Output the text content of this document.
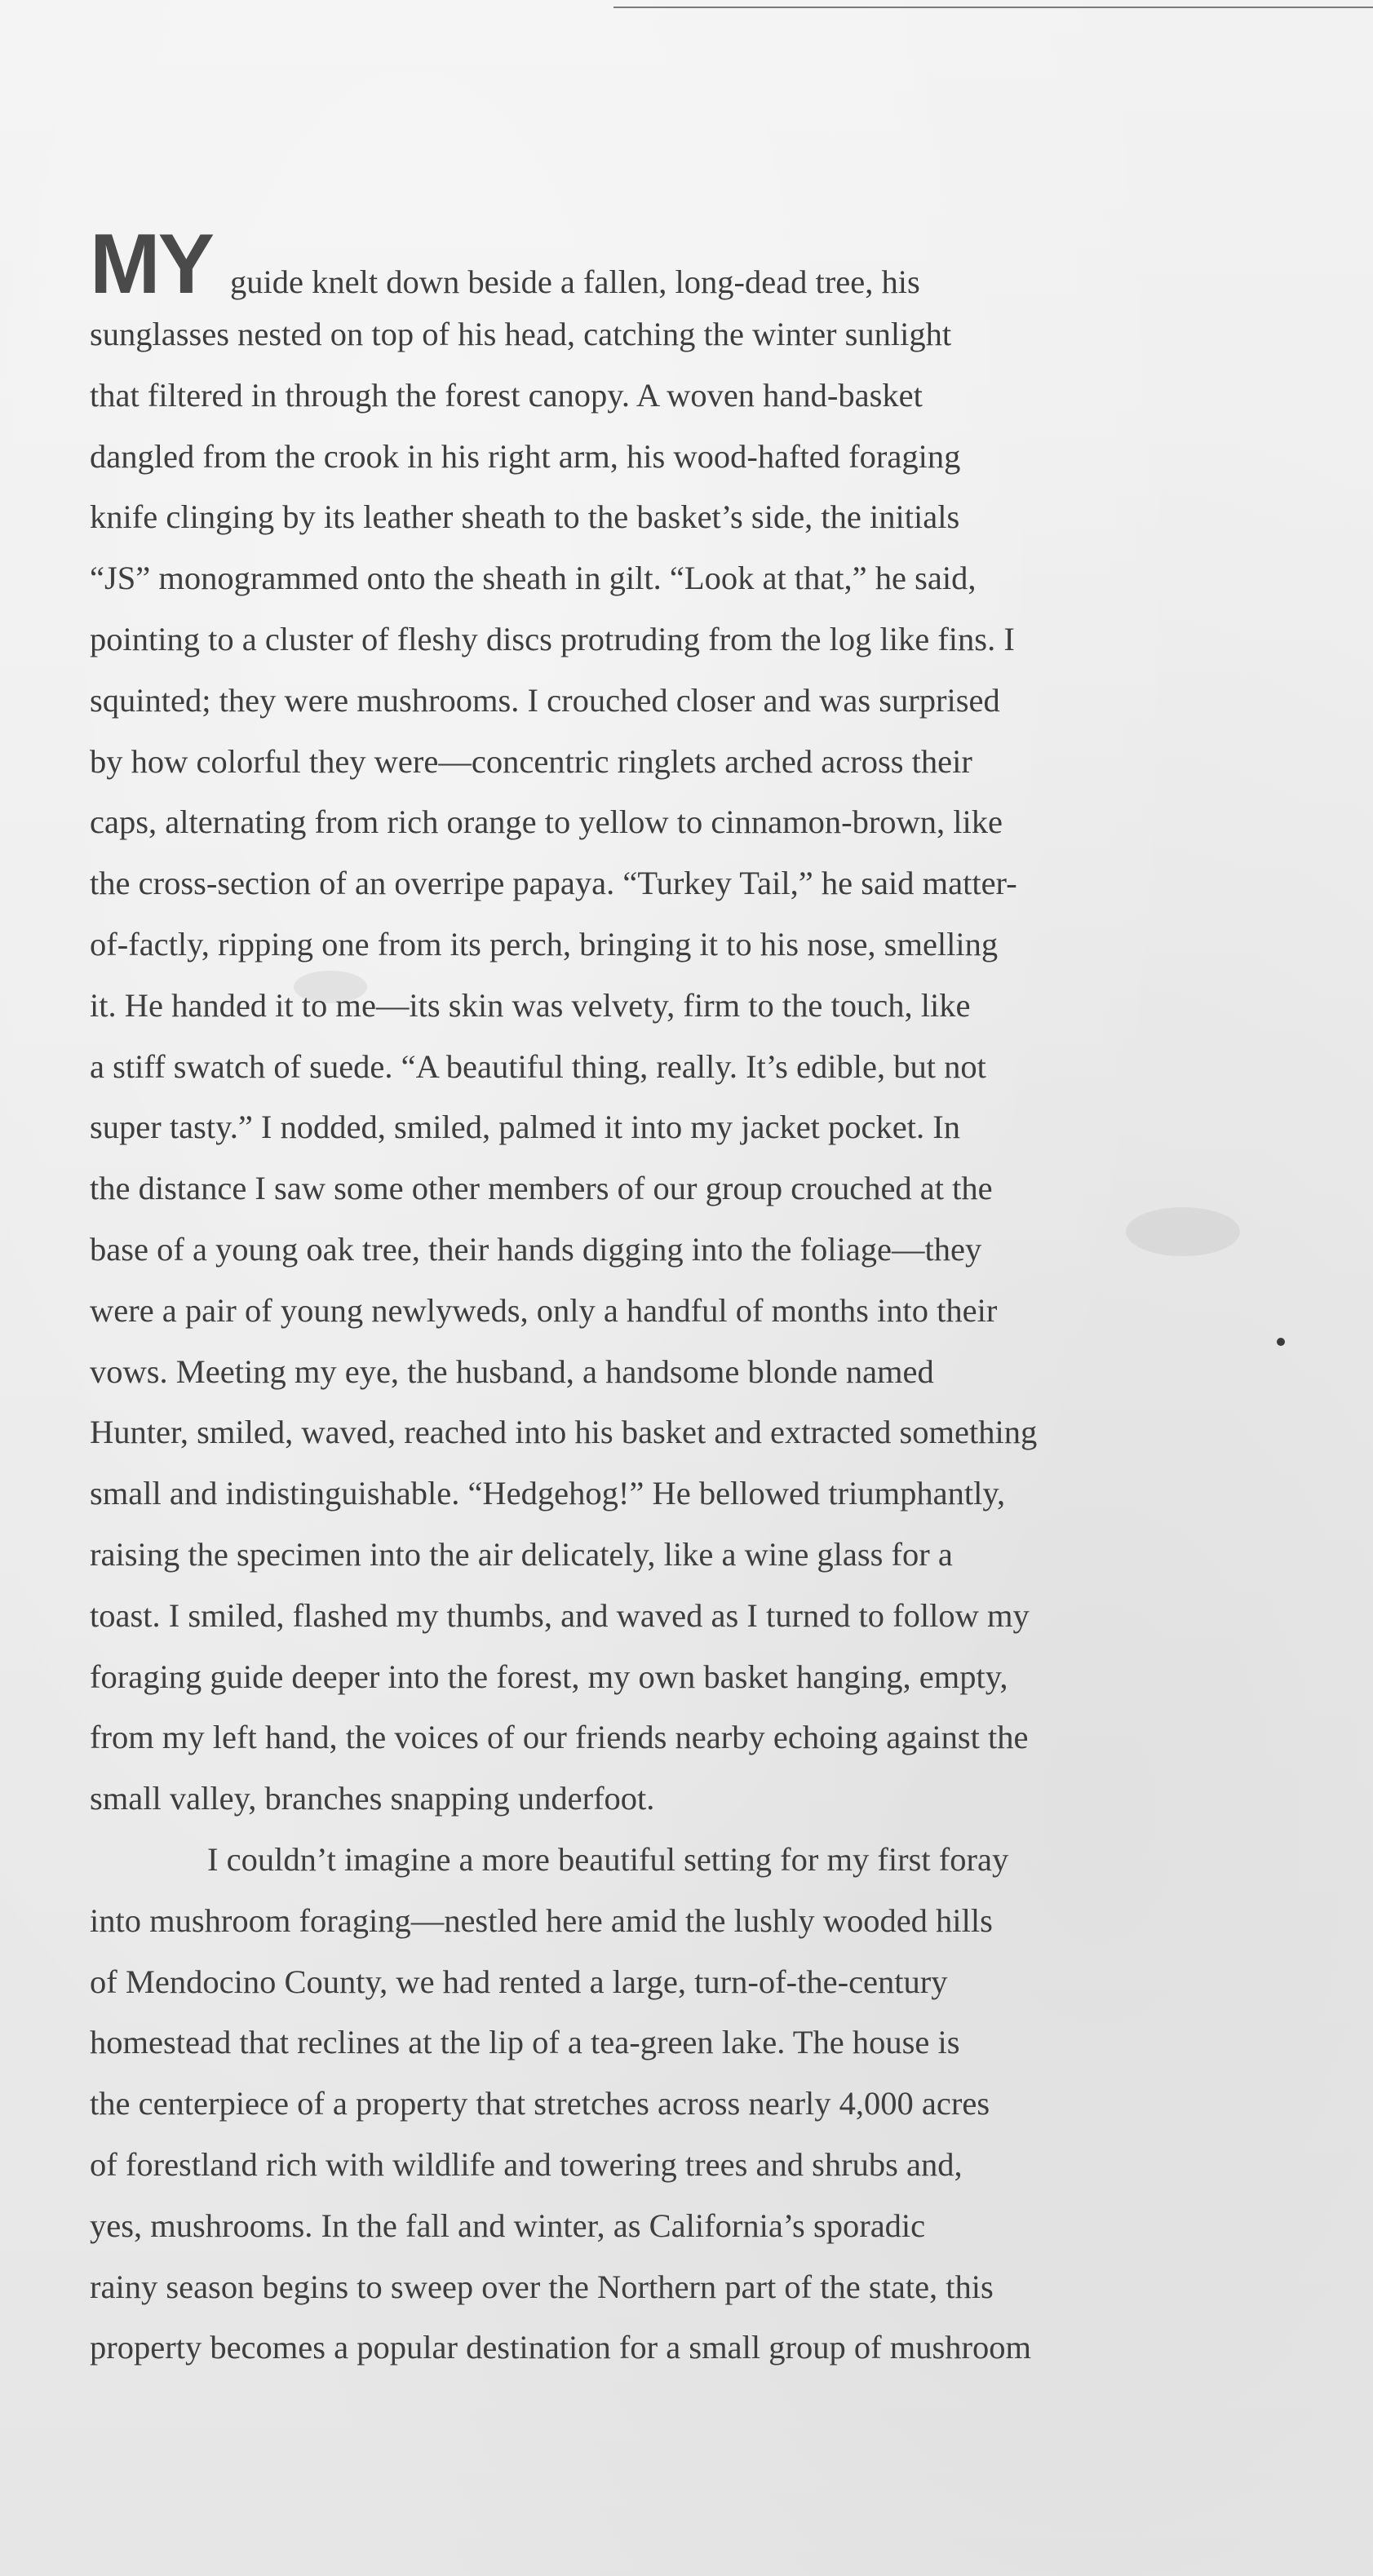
MY guide knelt down beside a fallen, long-dead tree, his
sunglasses nested on top of his head, catching the winter sunlight
that filtered in through the forest canopy. A woven hand-basket
dangled from the crook in his right arm, his wood-hafted foraging
knife clinging by its leather sheath to the basket’s side, the initials
“JS” monogrammed onto the sheath in gilt. “Look at that,” he said,
pointing to a cluster of fleshy discs protruding from the log like fins. I
squinted; they were mushrooms. I crouched closer and was surprised
by how colorful they were—concentric ringlets arched across their
caps, alternating from rich orange to yellow to cinnamon-brown, like
the cross-section of an overripe papaya. “Turkey Tail,” he said matter-
of-factly, ripping one from its perch, bringing it to his nose, smelling
it. He handed it to me—its skin was velvety, firm to the touch, like
a stiff swatch of suede. “A beautiful thing, really. It’s edible, but not
super tasty.” I nodded, smiled, palmed it into my jacket pocket. In
the distance I saw some other members of our group crouched at the
base of a young oak tree, their hands digging into the foliage—they
were a pair of young newlyweds, only a handful of months into their
vows. Meeting my eye, the husband, a handsome blonde named
Hunter, smiled, waved, reached into his basket and extracted something
small and indistinguishable. “Hedgehog!” He bellowed triumphantly,
raising the specimen into the air delicately, like a wine glass for a
toast. I smiled, flashed my thumbs, and waved as I turned to follow my
foraging guide deeper into the forest, my own basket hanging, empty,
from my left hand, the voices of our friends nearby echoing against the
small valley, branches snapping underfoot.
I couldn’t imagine a more beautiful setting for my first foray
into mushroom foraging—nestled here amid the lushly wooded hills
of Mendocino County, we had rented a large, turn-of-the-century
homestead that reclines at the lip of a tea-green lake. The house is
the centerpiece of a property that stretches across nearly 4,000 acres
of forestland rich with wildlife and towering trees and shrubs and,
yes, mushrooms. In the fall and winter, as California’s sporadic
rainy season begins to sweep over the Northern part of the state, this
property becomes a popular destination for a small group of mushroom
